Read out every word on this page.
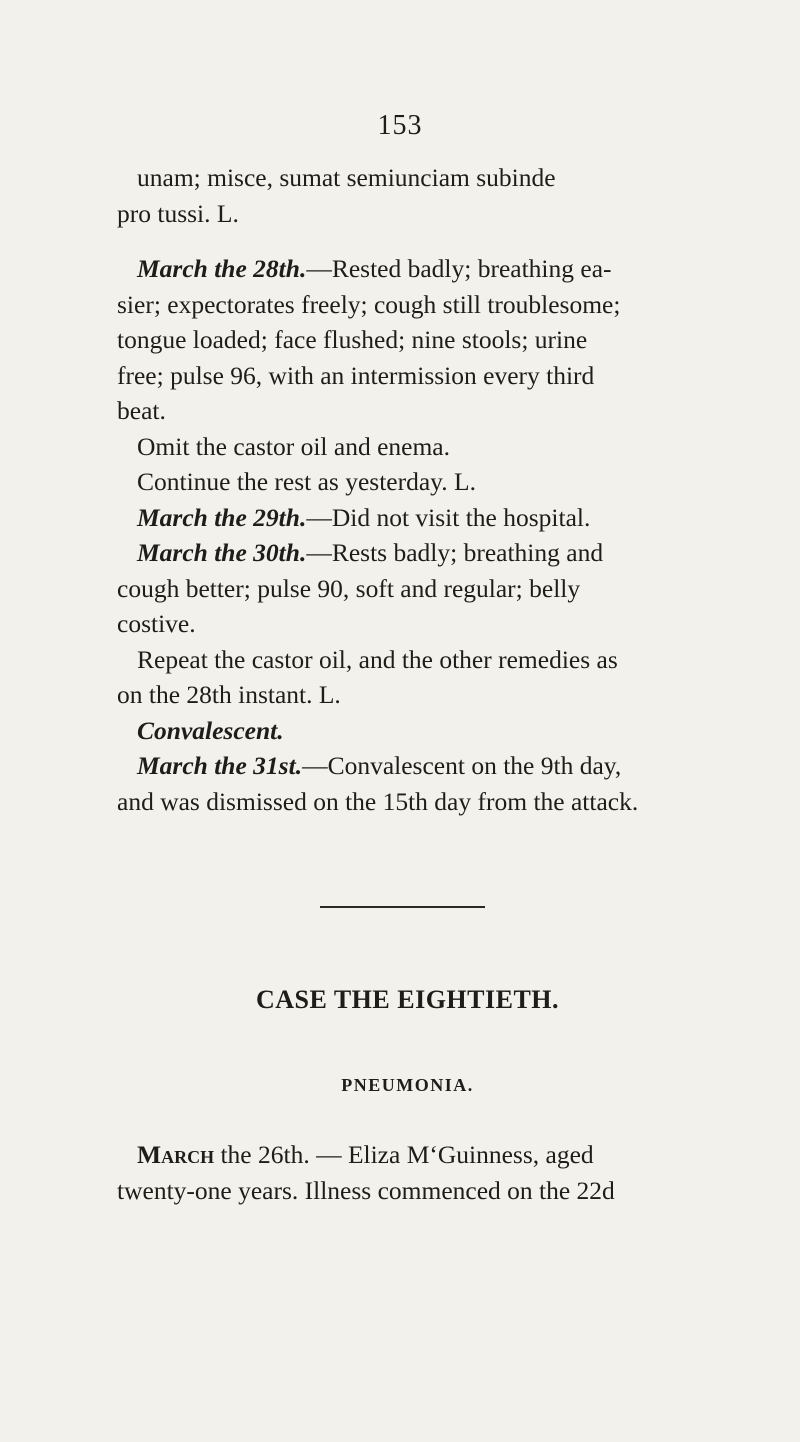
153

unam; misce, sumat semiunciam subinde

pro tussi. L.

March the 28th.—Rested badly; breathing ea-

sier; expectorates freely; cough still troublesome;

tongue loaded; face flushed; nine stools; urine

free; pulse 96, with an intermission every third

beat.

Omit the castor oil and enema.

Continue the rest as yesterday. L.

March the 29th.—Did not visit the hospital.

March the 30th.—Rests badly; breathing and

cough better; pulse 90, soft and regular; belly

costive.

Repeat the castor oil, and the other remedies as

on the 28th instant. L.

Convalescent.

March the 31st.—Convalescent on the 9th day,

and was dismissed on the 15th day from the attack.

CASE THE EIGHTIETH.
PNEUMONIA.

March the 26th. — Eliza M‘Guinness, aged

twenty-one years. Illness commenced on the 22d
